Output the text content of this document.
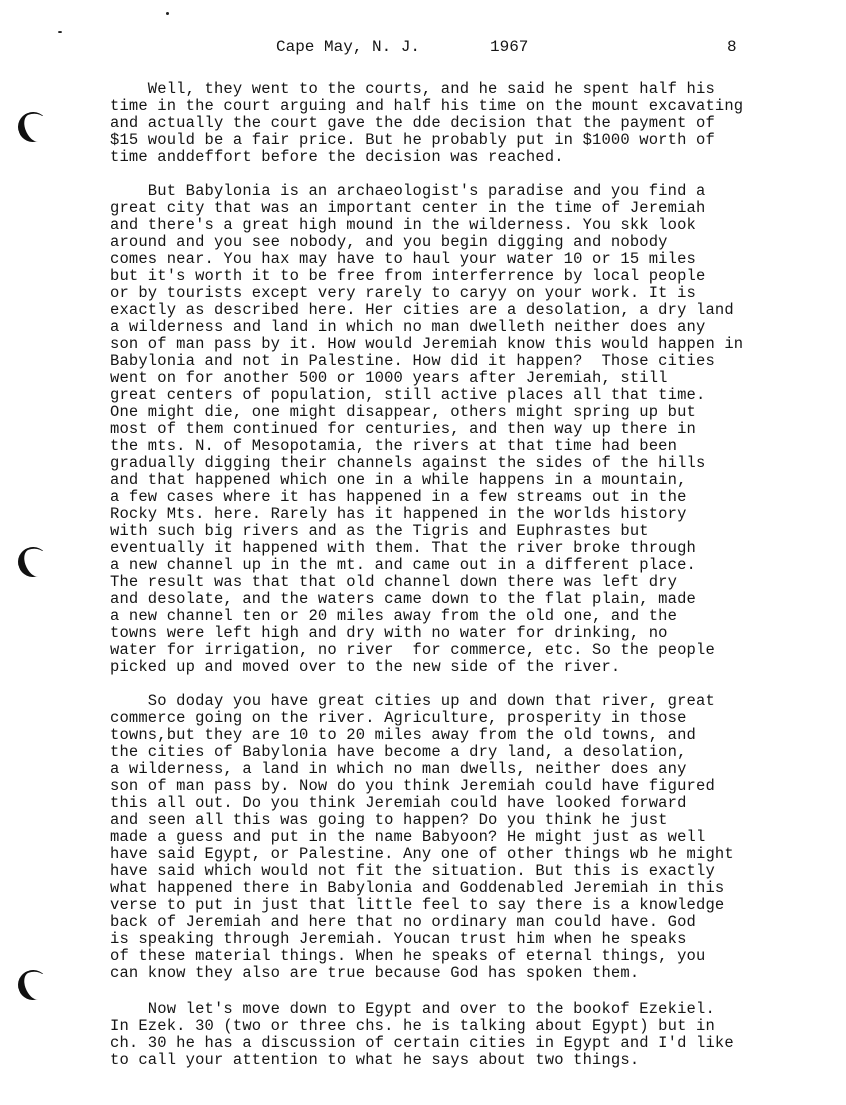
Cape May, N. J.	1967	8
Well, they went to the courts, and he said he spent half his
time in the court arguing and half his time on the mount excavating
and actually the court gave the dde decision that the payment of
$15 would be a fair price. But he probably put in $1000 worth of
time anddeffort before the decision was reached.
But Babylonia is an archaeologist's paradise and you find a
great city that was an important center in the time of Jeremiah
and there's a great high mound in the wilderness. You skk look
around and you see nobody, and you begin digging and nobody
comes near. You hax may have to haul your water 10 or 15 miles
but it's worth it to be free from interferrence by local people
or by tourists except very rarely to caryy on your work. It is
exactly as described here. Her cities are a desolation, a dry land
a wilderness and land in which no man dwelleth neither does any
son of man pass by it. How would Jeremiah know this would happen in
Babylonia and not in Palestine. How did it happen?  Those cities
went on for another 500 or 1000 years after Jeremiah, still
great centers of population, still active places all that time.
One might die, one might disappear, others might spring up but
most of them continued for centuries, and then way up there in
the mts. N. of Mesopotamia, the rivers at that time had been
gradually digging their channels against the sides of the hills
and that happened which one in a while happens in a mountain,
a few cases where it has happened in a few streams out in the
Rocky Mts. here. Rarely has it happened in the worlds history
with such big rivers and as the Tigris and Euphrastes but
eventually it happened with them. That the river broke through
a new channel up in the mt. and came out in a different place.
The result was that that old channel down there was left dry
and desolate, and the waters came down to the flat plain, made
a new channel ten or 20 miles away from the old one, and the
towns were left high and dry with no water for drinking, no
water for irrigation, no river  for commerce, etc. So the people
picked up and moved over to the new side of the river.
So doday you have great cities up and down that river, great
commerce going on the river. Agriculture, prosperity in those
towns,but they are 10 to 20 miles away from the old towns, and
the cities of Babylonia have become a dry land, a desolation,
a wilderness, a land in which no man dwells, neither does any
son of man pass by. Now do you think Jeremiah could have figured
this all out. Do you think Jeremiah could have looked forward
and seen all this was going to happen? Do you think he just
made a guess and put in the name Babyoon? He might just as well
have said Egypt, or Palestine. Any one of other things wb he might
have said which would not fit the situation. But this is exactly
what happened there in Babylonia and Goddenabled Jeremiah in this
verse to put in just that little feel to say there is a knowledge
back of Jeremiah and here that no ordinary man could have. God
is speaking through Jeremiah. Youcan trust him when he speaks
of these material things. When he speaks of eternal things, you
can know they also are true because God has spoken them.
Now let's move down to Egypt and over to the bookof Ezekiel.
In Ezek. 30 (two or three chs. he is talking about Egypt) but in
ch. 30 he has a discussion of certain cities in Egypt and I'd like
to call your attention to what he says about two things.
